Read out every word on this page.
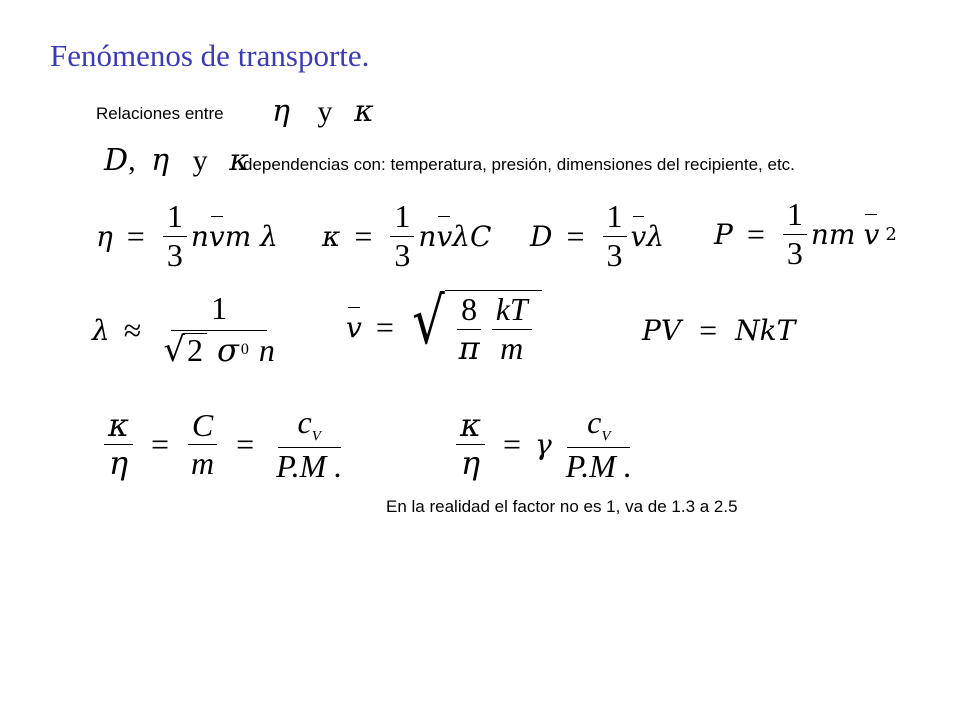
Fenómenos de transporte.
Relaciones entre η y κ
D, η y κ
dependencias con: temperatura, presión, dimensiones del recipiente, etc.
$\eta = \frac{1}{3}$ n v m λ $\kappa = \frac{1}{3}$ n v λC $D = \frac{1}{3}$ v λ $P = \frac{1}{3}$ nm v 2
$\lambda \approx \frac{1}{√ 2 \sigma 0 n}$ v = √ $\frac{8}{\pi} \frac{kT}{m}$	PV = NkT
$\frac{\kappa}{\eta} = \frac{C}{m} = \frac{c_V}{P.M .}$	$\frac{\kappa}{\eta} = \gamma \frac{c_V}{P.M .}$
En la realidad el factor no es 1, va de 1.3 a 2.5
